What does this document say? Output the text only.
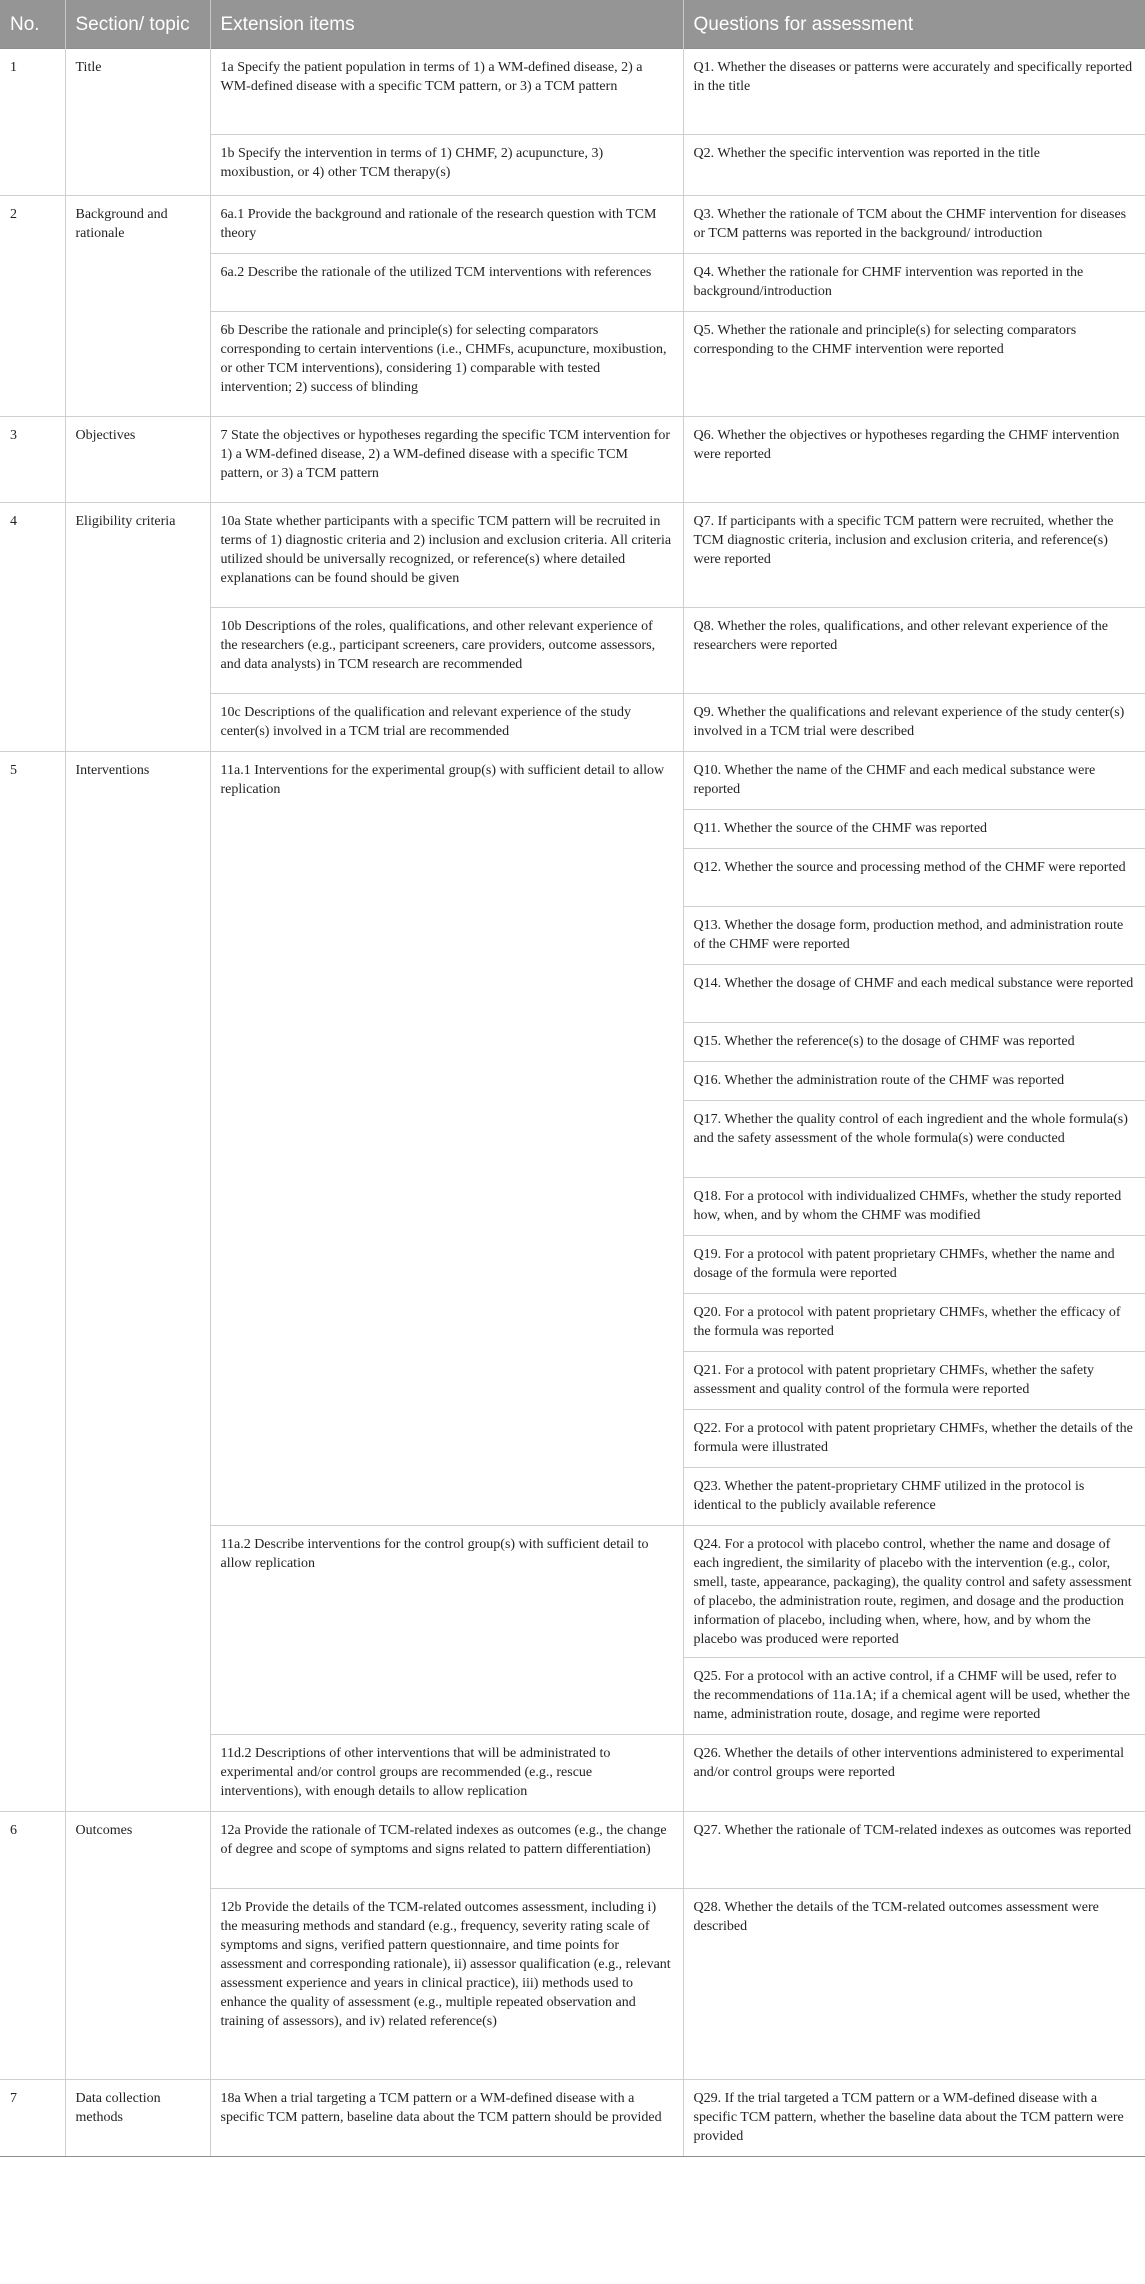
No.	Section/ topic	Extension items	Questions for assessment
1	Title	1a Specify the patient population in terms of 1) a WM-defined disease, 2) a WM-defined disease with a specific TCM pattern, or 3) a TCM pattern	Q1. Whether the diseases or patterns were accurately and specifically reported in the title
		1b Specify the intervention in terms of 1) CHMF, 2) acupuncture, 3) moxibustion, or 4) other TCM therapy(s)	Q2. Whether the specific intervention was reported in the title
2	Background and rationale	6a.1 Provide the background and rationale of the research question with TCM theory	Q3. Whether the rationale of TCM about the CHMF intervention for diseases or TCM patterns was reported in the background/ introduction
		6a.2 Describe the rationale of the utilized TCM interventions with references	Q4. Whether the rationale for CHMF intervention was reported in the background/introduction
		6b Describe the rationale and principle(s) for selecting comparators corresponding to certain interventions (i.e., CHMFs, acupuncture, moxibustion, or other TCM interventions), considering 1) comparable with tested intervention; 2) success of blinding	Q5. Whether the rationale and principle(s) for selecting comparators corresponding to the CHMF intervention were reported
3	Objectives	7 State the objectives or hypotheses regarding the specific TCM intervention for 1) a WM-defined disease, 2) a WM-defined disease with a specific TCM pattern, or 3) a TCM pattern	Q6. Whether the objectives or hypotheses regarding the CHMF intervention were reported
4	Eligibility criteria	10a State whether participants with a specific TCM pattern will be recruited in terms of 1) diagnostic criteria and 2) inclusion and exclusion criteria. All criteria utilized should be universally recognized, or reference(s) where detailed explanations can be found should be given	Q7. If participants with a specific TCM pattern were recruited, whether the TCM diagnostic criteria, inclusion and exclusion criteria, and reference(s) were reported
		10b Descriptions of the roles, qualifications, and other relevant experience of the researchers (e.g., participant screeners, care providers, outcome assessors, and data analysts) in TCM research are recommended	Q8. Whether the roles, qualifications, and other relevant experience of the researchers were reported
		10c Descriptions of the qualification and relevant experience of the study center(s) involved in a TCM trial are recommended	Q9. Whether the qualifications and relevant experience of the study center(s) involved in a TCM trial were described
5	Interventions	11a.1 Interventions for the experimental group(s) with sufficient detail to allow replication	Q10. Whether the name of the CHMF and each medical substance were reported
			Q11. Whether the source of the CHMF was reported
			Q12. Whether the source and processing method of the CHMF were reported
			Q13. Whether the dosage form, production method, and administration route of the CHMF were reported
			Q14. Whether the dosage of CHMF and each medical substance were reported
			Q15. Whether the reference(s) to the dosage of CHMF was reported
			Q16. Whether the administration route of the CHMF was reported
			Q17. Whether the quality control of each ingredient and the whole formula(s) and the safety assessment of the whole formula(s) were conducted
			Q18. For a protocol with individualized CHMFs, whether the study reported how, when, and by whom the CHMF was modified
			Q19. For a protocol with patent proprietary CHMFs, whether the name and dosage of the formula were reported
			Q20. For a protocol with patent proprietary CHMFs, whether the efficacy of the formula was reported
			Q21. For a protocol with patent proprietary CHMFs, whether the safety assessment and quality control of the formula were reported
			Q22. For a protocol with patent proprietary CHMFs, whether the details of the formula were illustrated
			Q23. Whether the patent-proprietary CHMF utilized in the protocol is identical to the publicly available reference
		11a.2 Describe interventions for the control group(s) with sufficient detail to allow replication	Q24. For a protocol with placebo control, whether the name and dosage of each ingredient, the similarity of placebo with the intervention (e.g., color, smell, taste, appearance, packaging), the quality control and safety assessment of placebo, the administration route, regimen, and dosage and the production information of placebo, including when, where, how, and by whom the placebo was produced were reported
			Q25. For a protocol with an active control, if a CHMF will be used, refer to the recommendations of 11a.1A; if a chemical agent will be used, whether the name, administration route, dosage, and regime were reported
		11d.2 Descriptions of other interventions that will be administrated to experimental and/or control groups are recommended (e.g., rescue interventions), with enough details to allow replication	Q26. Whether the details of other interventions administered to experimental and/or control groups were reported
6	Outcomes	12a Provide the rationale of TCM-related indexes as outcomes (e.g., the change of degree and scope of symptoms and signs related to pattern differentiation)	Q27. Whether the rationale of TCM-related indexes as outcomes was reported
		12b Provide the details of the TCM-related outcomes assessment, including i) the measuring methods and standard (e.g., frequency, severity rating scale of symptoms and signs, verified pattern questionnaire, and time points for assessment and corresponding rationale), ii) assessor qualification (e.g., relevant assessment experience and years in clinical practice), iii) methods used to enhance the quality of assessment (e.g., multiple repeated observation and training of assessors), and iv) related reference(s)	Q28. Whether the details of the TCM-related outcomes assessment were described
7	Data collection methods	18a When a trial targeting a TCM pattern or a WM-defined disease with a specific TCM pattern, baseline data about the TCM pattern should be provided	Q29. If the trial targeted a TCM pattern or a WM-defined disease with a specific TCM pattern, whether the baseline data about the TCM pattern were provided
